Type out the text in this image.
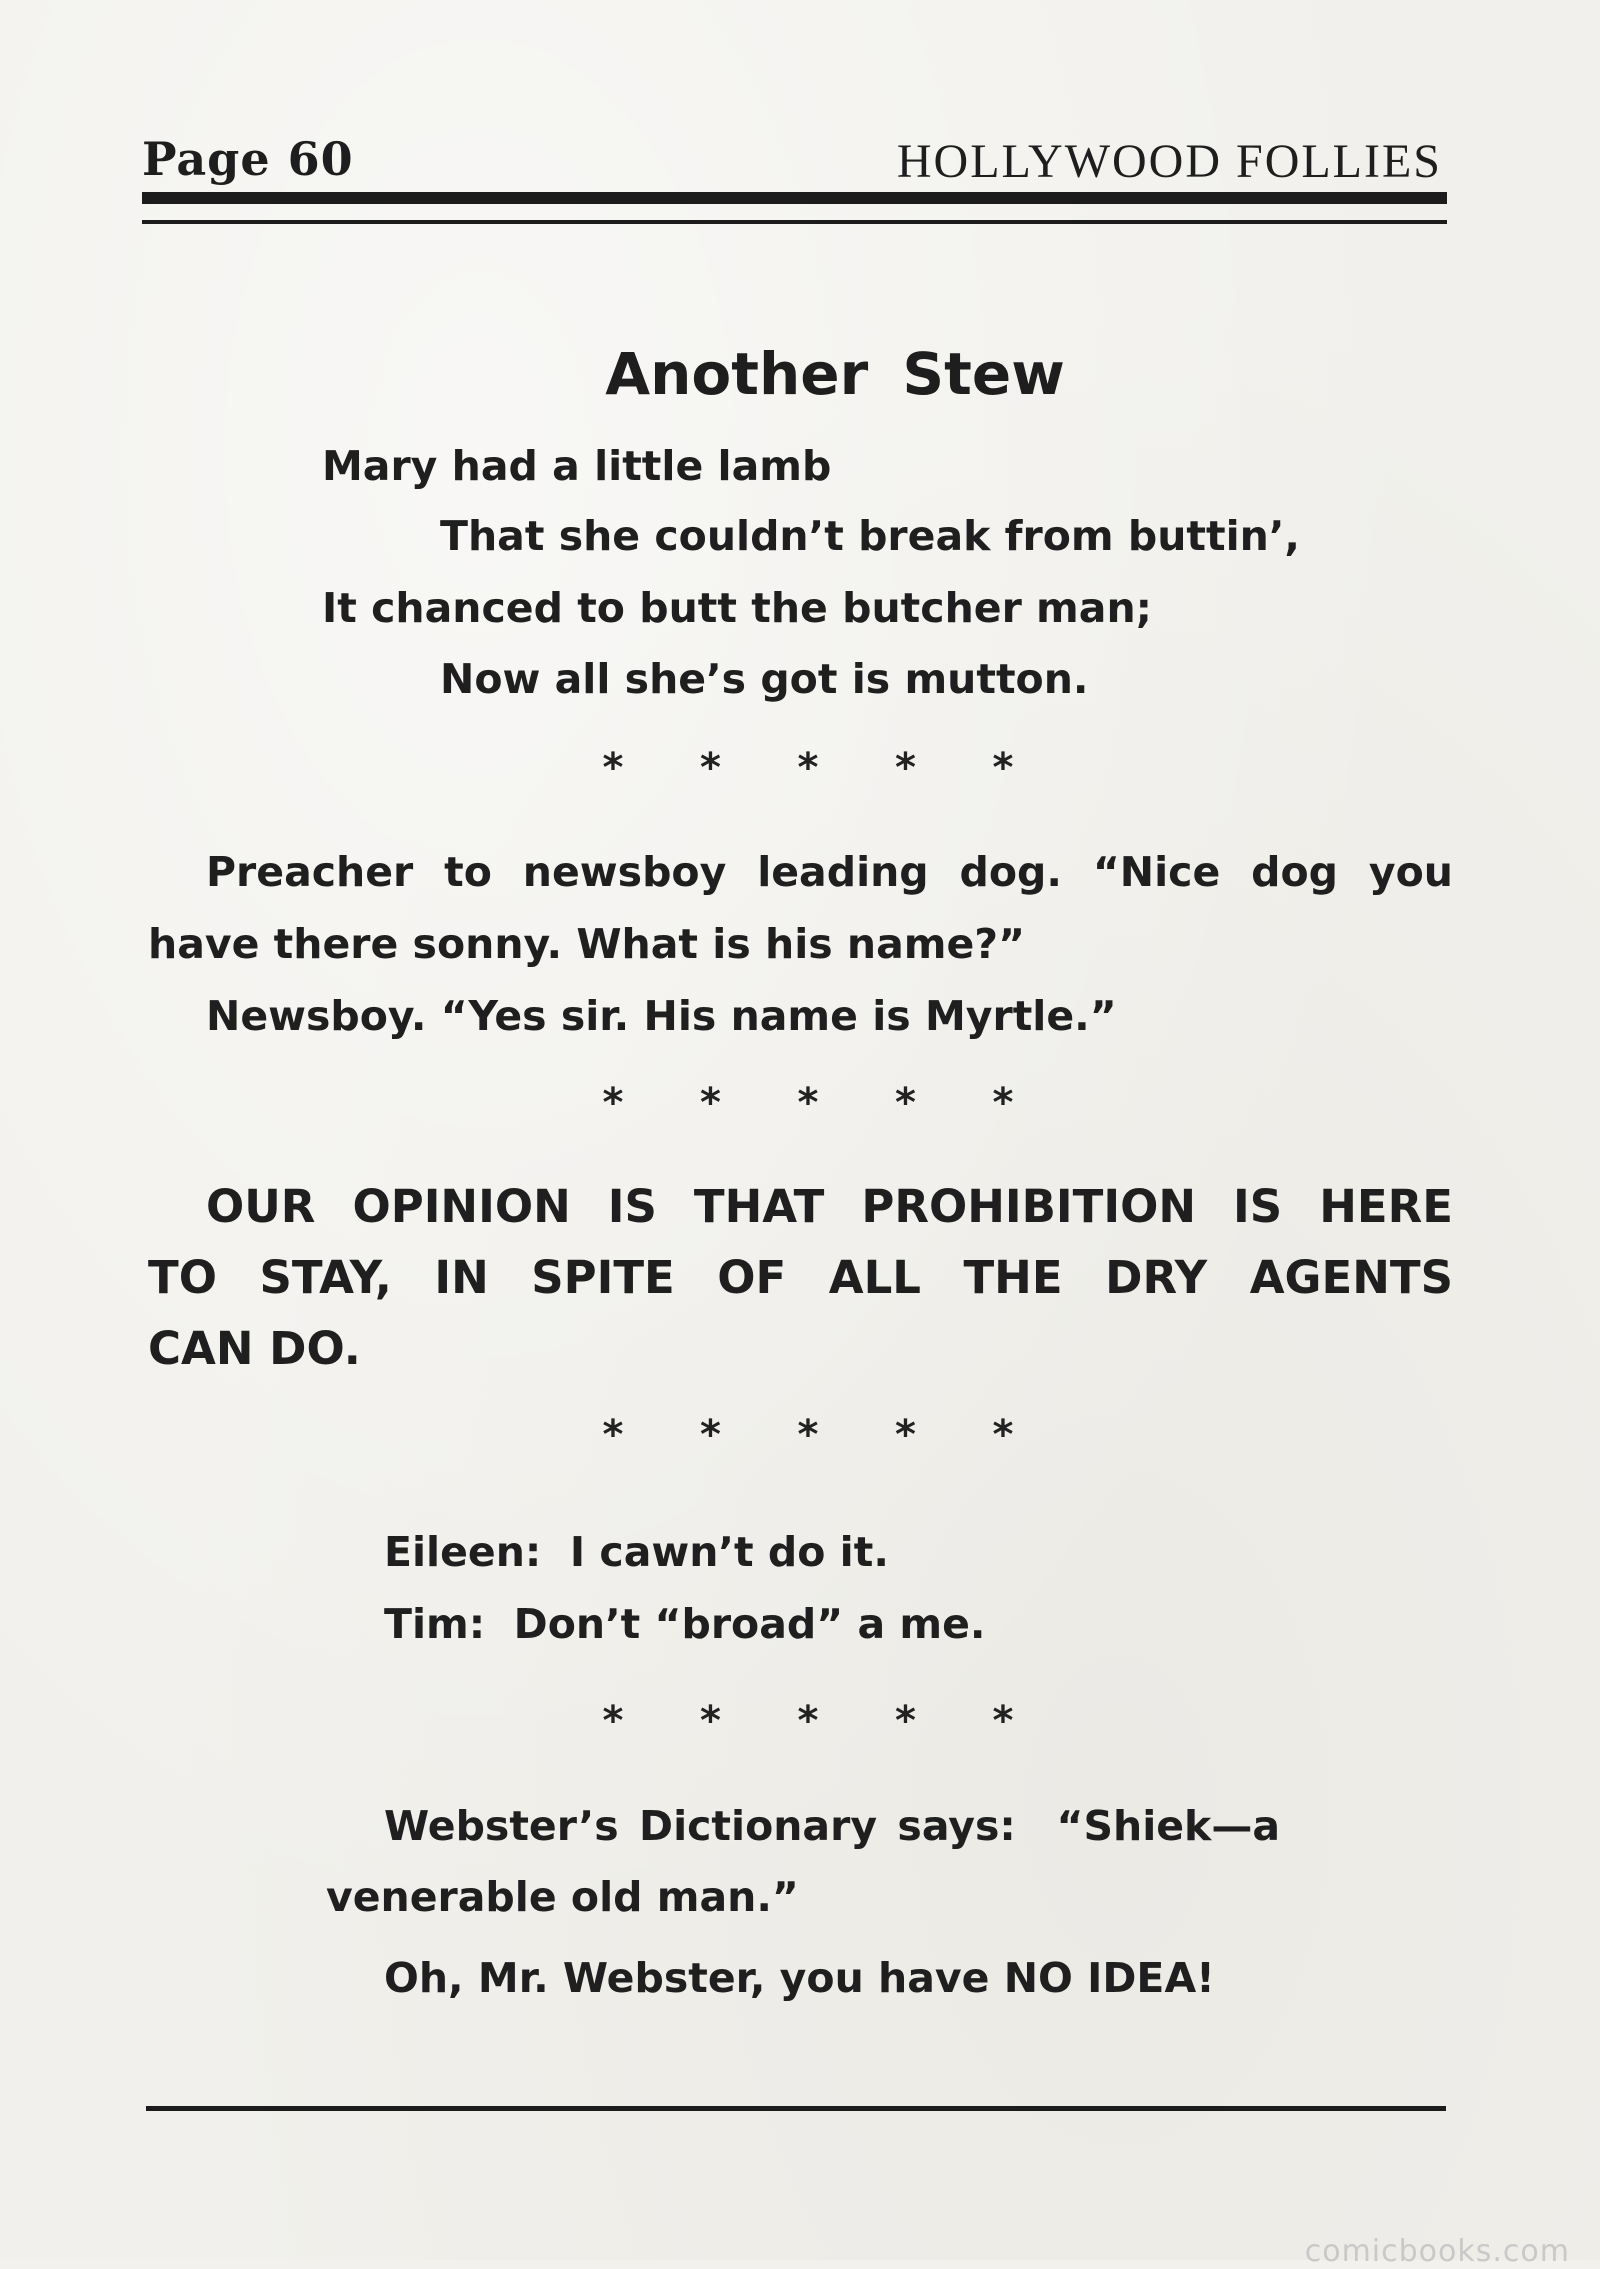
Page 60	HOLLYWOOD FOLLIES
Another Stew
Mary had a little lamb
That she couldn’t break from buttin’,
It chanced to butt the butcher man;
Now all she’s got is mutton.
* * * * *
Preacher to newsboy leading dog. “Nice dog you
have there sonny. What is his name?”
Newsboy. “Yes sir. His name is Myrtle.”
* * * * *
OUR OPINION IS THAT PROHIBITION IS HERE
TO STAY, IN SPITE OF ALL THE DRY AGENTS
CAN DO.
* * * * *
Eileen:  I cawn’t do it.
Tim:  Don’t “broad” a me.
* * * * *
Webster’s Dictionary says:  “Shiek—a
venerable old man.”
Oh, Mr. Webster, you have NO IDEA!
comicbooks.com
